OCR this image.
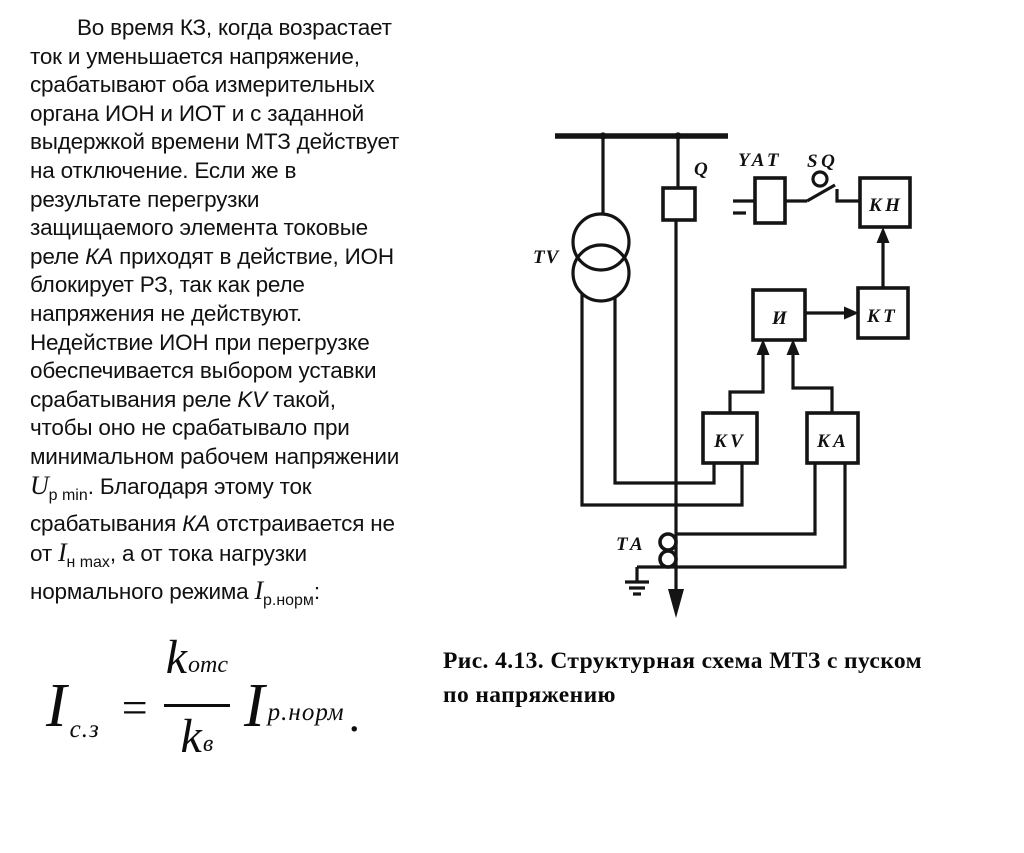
Во время КЗ, когда возрастает
ток и уменьшается напряжение,
срабатывают оба измерительных
органа ИОН и ИОТ и с заданной
выдержкой времени МТЗ действует
на отключение. Если же в
результате перегрузки
защищаемого элемента токовые
реле КА приходят в действие, ИОН
блокирует РЗ, так как реле
напряжения не действуют.
Недействие ИОН при перегрузке
обеспечивается выбором уставки
срабатывания реле KV такой,
чтобы оно не срабатывало при
минимальном рабочем напряжении
$U_{р min}$. Благодаря этому ток
срабатывания КА отстраивается не
от $I_{н max}$, а от тока нагрузки
нормального режима $I_{р.норм}$:
I $с.з = \frac{\text{k отс}}{\text{k в}}$ I р.норм .
Рис. 4.13. Структурная схема МТЗ с пуском
по напряжению
TV
Q
TA
KV	KA
И	KT
KH
YAT SQ
